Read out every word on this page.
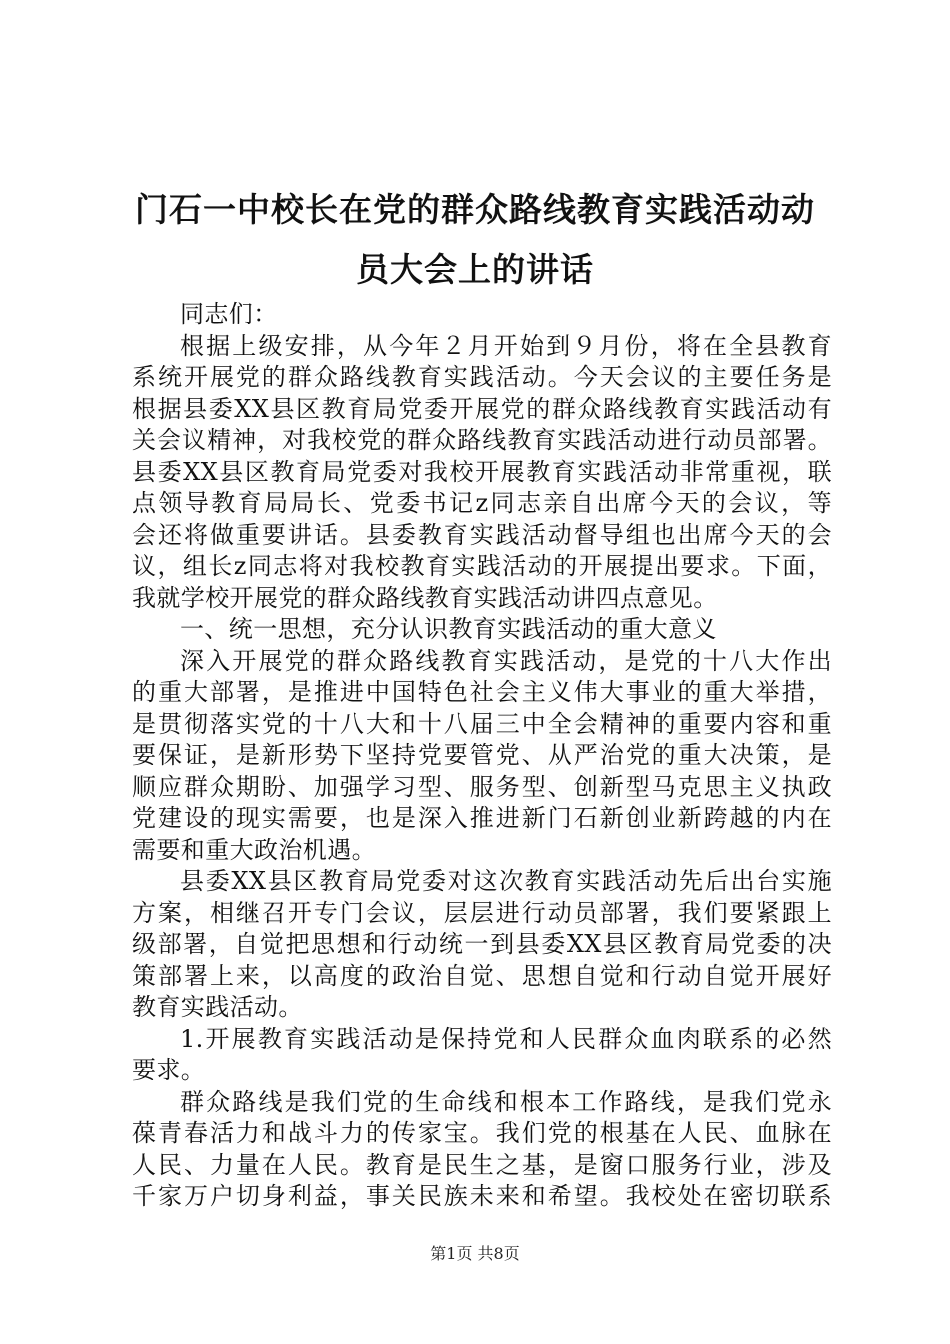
门石一中校长在党的群众路线教育实践活动动
员大会上的讲话
同志们：
根据上级安排，从今年２月开始到９月份，将在全县教育
系统开展党的群众路线教育实践活动。今天会议的主要任务是
根据县委XX县区教育局党委开展党的群众路线教育实践活动有
关会议精神，对我校党的群众路线教育实践活动进行动员部署。
县委XX县区教育局党委对我校开展教育实践活动非常重视，联
点领导教育局局长、党委书记z同志亲自出席今天的会议，等
会还将做重要讲话。县委教育实践活动督导组也出席今天的会
议，组长z同志将对我校教育实践活动的开展提出要求。下面，
我就学校开展党的群众路线教育实践活动讲四点意见。
一、统一思想，充分认识教育实践活动的重大意义
深入开展党的群众路线教育实践活动，是党的十八大作出
的重大部署，是推进中国特色社会主义伟大事业的重大举措，
是贯彻落实党的十八大和十八届三中全会精神的重要内容和重
要保证，是新形势下坚持党要管党、从严治党的重大决策，是
顺应群众期盼、加强学习型、服务型、创新型马克思主义执政
党建设的现实需要，也是深入推进新门石新创业新跨越的内在
需要和重大政治机遇。
县委XX县区教育局党委对这次教育实践活动先后出台实施
方案，相继召开专门会议，层层进行动员部署，我们要紧跟上
级部署，自觉把思想和行动统一到县委XX县区教育局党委的决
策部署上来，以高度的政治自觉、思想自觉和行动自觉开展好
教育实践活动。
1.开展教育实践活动是保持党和人民群众血肉联系的必然
要求。
群众路线是我们党的生命线和根本工作路线，是我们党永
葆青春活力和战斗力的传家宝。我们党的根基在人民、血脉在
人民、力量在人民。教育是民生之基，是窗口服务行业，涉及
千家万户切身利益，事关民族未来和希望。我校处在密切联系
第1页 共8页
